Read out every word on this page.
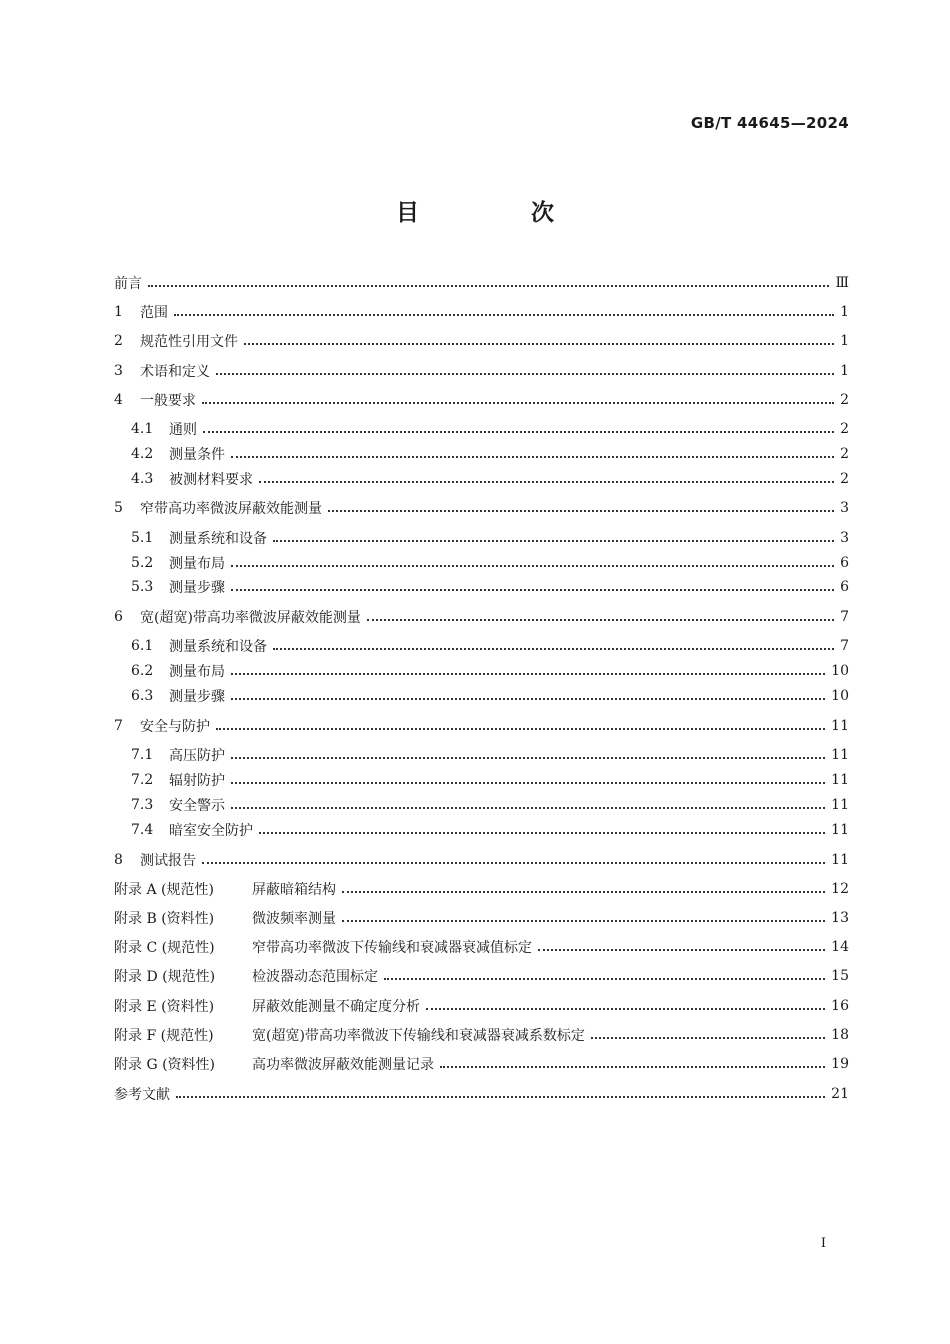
GB/T 44645—2024
目 次
前言	Ⅲ
1	范围	1
2	规范性引用文件	1
3	术语和定义	1
4	一般要求	2
4.1	通则	2
4.2	测量条件	2
4.3	被测材料要求	2
5	窄带高功率微波屏蔽效能测量	3
5.1	测量系统和设备	3
5.2	测量布局	6
5.3	测量步骤	6
6	宽(超宽)带高功率微波屏蔽效能测量	7
6.1	测量系统和设备	7
6.2	测量布局	10
6.3	测量步骤	10
7	安全与防护	11
7.1	高压防护	11
7.2	辐射防护	11
7.3	安全警示	11
7.4	暗室安全防护	11
8	测试报告	11
附录 A (规范性)	屏蔽暗箱结构	12
附录 B (资料性)	微波频率测量	13
附录 C (规范性)	窄带高功率微波下传输线和衰减器衰减值标定	14
附录 D (规范性)	检波器动态范围标定	15
附录 E (资料性)	屏蔽效能测量不确定度分析	16
附录 F (规范性)	宽(超宽)带高功率微波下传输线和衰减器衰减系数标定	18
附录 G (资料性)	高功率微波屏蔽效能测量记录	19
参考文献	21
Ⅰ
